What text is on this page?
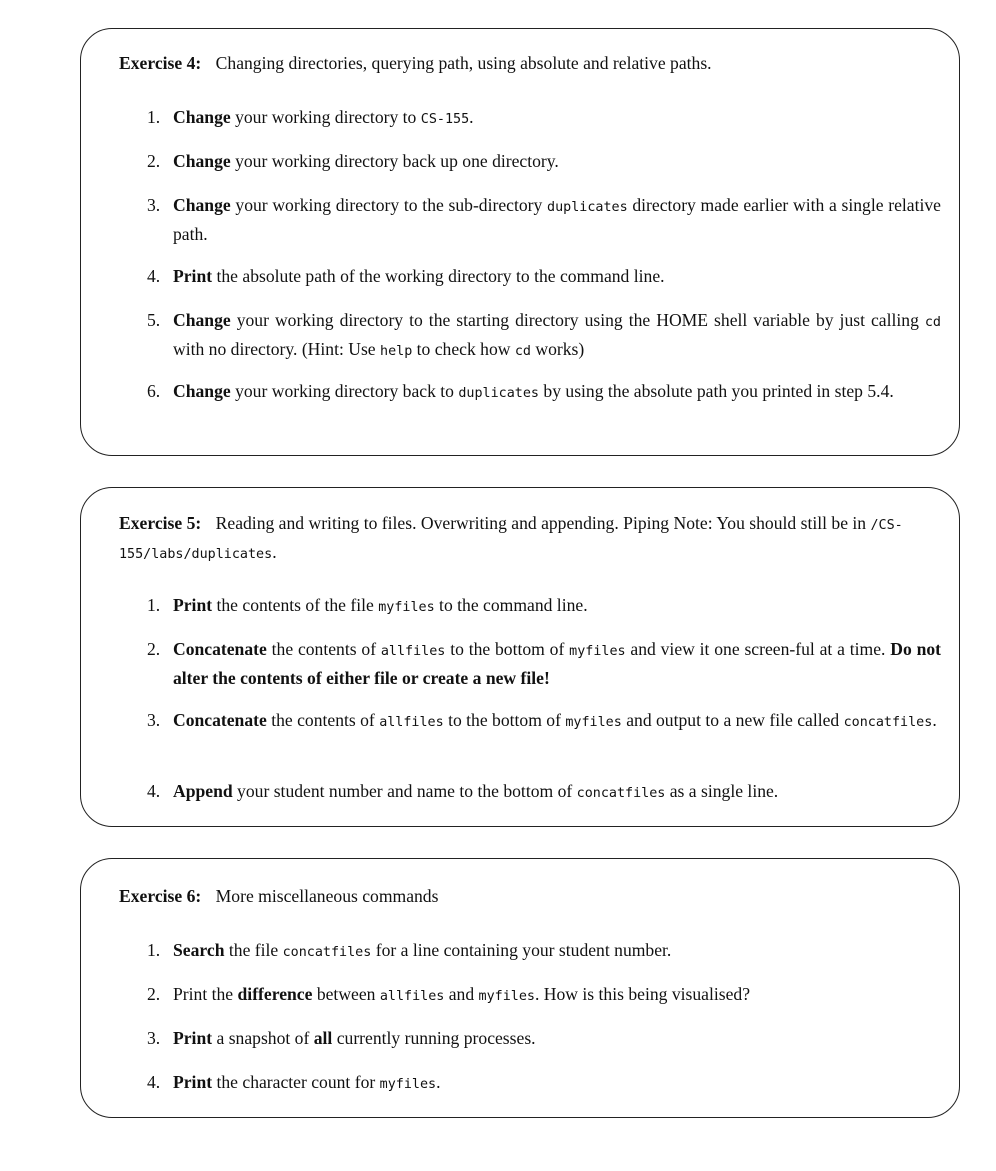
Exercise 4: Changing directories, querying path, using absolute and relative paths.
1. Change your working directory to CS-155.
2. Change your working directory back up one directory.
3. Change your working directory to the sub-directory duplicates directory made earlier with a single relative path.
4. Print the absolute path of the working directory to the command line.
5. Change your working directory to the starting directory using the HOME shell variable by just calling cd with no directory. (Hint: Use help to check how cd works)
6. Change your working directory back to duplicates by using the absolute path you printed in step 5.4.
Exercise 5: Reading and writing to files. Overwriting and appending. Piping Note: You should still be in /CS-155/labs/duplicates.
1. Print the contents of the file myfiles to the command line.
2. Concatenate the contents of allfiles to the bottom of myfiles and view it one screen-ful at a time. Do not alter the contents of either file or create a new file!
3. Concatenate the contents of allfiles to the bottom of myfiles and output to a new file called concatfiles.
4. Append your student number and name to the bottom of concatfiles as a single line.
Exercise 6: More miscellaneous commands
1. Search the file concatfiles for a line containing your student number.
2. Print the difference between allfiles and myfiles. How is this being visualised?
3. Print a snapshot of all currently running processes.
4. Print the character count for myfiles.
